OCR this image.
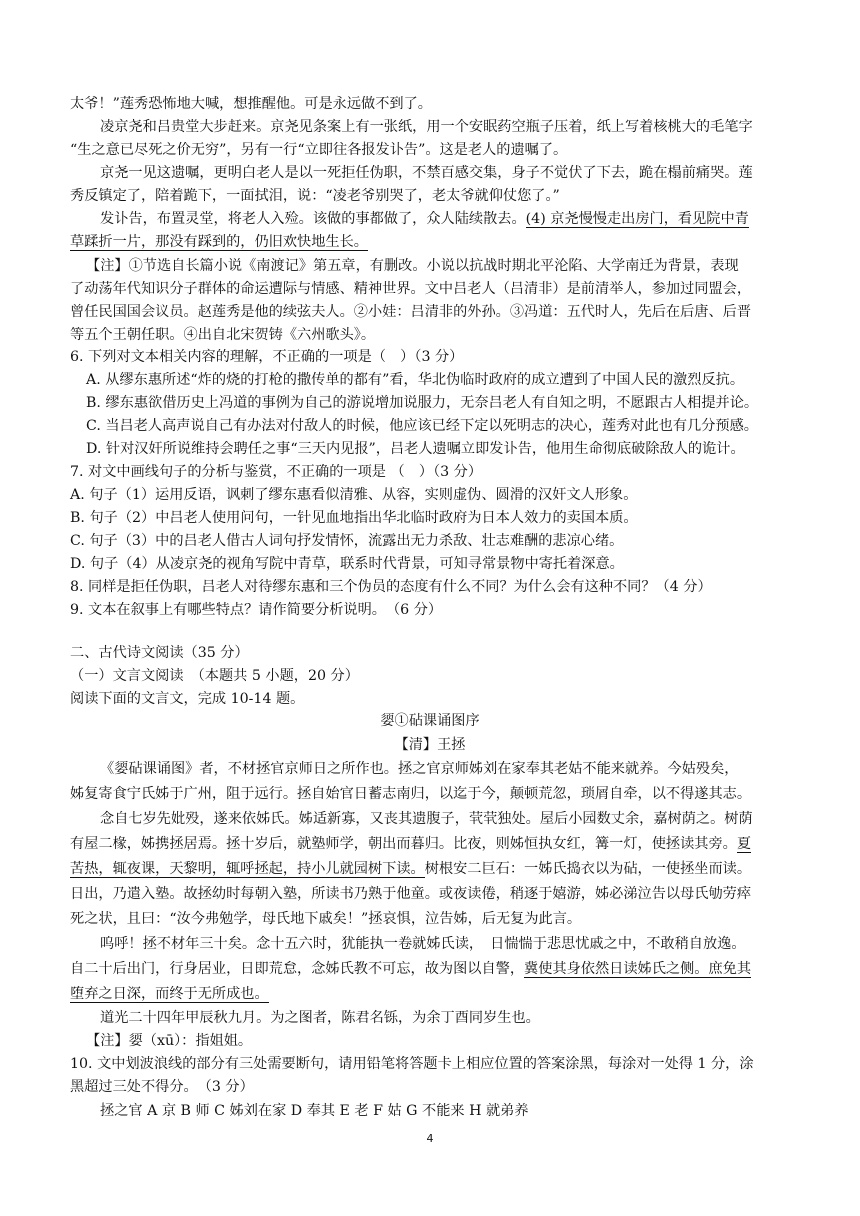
太爷！”莲秀恐怖地大喊，想推醒他。可是永远做不到了。
凌京尧和吕贵堂大步赶来。京尧见条案上有一张纸，用一个安眠药空瓶子压着，纸上写着核桃大的毛笔字
“生之意已尽死之价无穷”，另有一行“立即往各报发讣告”。这是老人的遗嘱了。
京尧一见这遗嘱，更明白老人是以一死拒任伪职，不禁百感交集，身子不觉伏了下去，跪在榻前痛哭。莲
秀反镇定了，陪着跪下，一面拭泪，说：“凌老爷别哭了，老太爷就仰仗您了。”
发讣告，布置灵堂，将老人入殓。该做的事都做了，众人陆续散去。(4) 京尧慢慢走出房门，看见院中青
草蹂折一片，那没有踩到的，仍旧欢快地生长。
【注】①节选自长篇小说《南渡记》第五章，有删改。小说以抗战时期北平沦陷、大学南迁为背景，表现
了动荡年代知识分子群体的命运遭际与情感、精神世界。文中吕老人（吕清非）是前清举人，参加过同盟会，
曾任民国国会议员。赵莲秀是他的续弦夫人。②小娃：吕清非的外孙。③冯道：五代时人，先后在后唐、后晋
等五个王朝任职。④出自北宋贺铸《六州歌头》。
6. 下列对文本相关内容的理解，不正确的一项是（　）（3 分）
A. 从缪东惠所述“炸的烧的打枪的撒传单的都有”看，华北伪临时政府的成立遭到了中国人民的激烈反抗。
B. 缪东惠欲借历史上冯道的事例为自己的游说增加说服力，无奈吕老人有自知之明，不愿跟古人相提并论。
C. 当吕老人高声说自己有办法对付敌人的时候，他应该已经下定以死明志的决心，莲秀对此也有几分预感。
D. 针对汉奸所说维持会聘任之事“三天内见报”，吕老人遗嘱立即发讣告，他用生命彻底破除敌人的诡计。
7. 对文中画线句子的分析与鉴赏，不正确的一项是 （　）（3 分）
A. 句子（1）运用反语，讽刺了缪东惠看似清雅、从容，实则虚伪、圆滑的汉奸文人形象。
B. 句子（2）中吕老人使用问句，一针见血地指出华北临时政府为日本人效力的卖国本质。
C. 句子（3）中的吕老人借古人词句抒发情怀，流露出无力杀敌、壮志难酬的悲凉心绪。
D. 句子（4）从凌京尧的视角写院中青草，联系时代背景，可知寻常景物中寄托着深意。
8. 同样是拒任伪职，吕老人对待缪东惠和三个伪员的态度有什么不同？为什么会有这种不同？（4 分）
9. 文本在叙事上有哪些特点？请作简要分析说明。　（6 分）
二、古代诗文阅读（35 分）
（一）文言文阅读　（本题共 5 小题，20 分）
阅读下面的文言文，完成 10-14 题。
媭①砧课诵图序
【清】王拯
《媭砧课诵图》者，不材拯官京师日之所作也。拯之官京师姊刘在家奉其老姑不能来就养。今姑殁矣，
姊复寄食宁氏姊于广州，阻于远行。拯自始官日蓄志南归，以迄于今，颠顿荒忽，琐屑自牵，以不得遂其志。
念自七岁先妣殁，遂来依姊氏。姊适新寡，又丧其遗腹子，茕茕独处。屋后小园数丈余，嘉树荫之。树荫
有屋二椽，姊携拯居焉。拯十岁后，就塾师学，朝出而暮归。比夜，则姊恒执女红，篝一灯，使拯读其旁。夏
苦热，辄夜课，天黎明，辄呼拯起，持小儿就园树下读。树根安二巨石：一姊氏捣衣以为砧，一使拯坐而读。
日出，乃遣入塾。故拯幼时每朝入塾，所读书乃熟于他童。或夜读倦，稍逐于嬉游，姊必涕泣告以母氏劬劳瘁
死之状，且曰：“汝今弗勉学，母氏地下戚矣！”拯哀惧，泣告姊，后无复为此言。
呜呼！拯不材年三十矣。念十五六时，犹能执一卷就姊氏读，　日惴惴于悲思忧戚之中，不敢稍自放逸。
自二十后出门，行身居业，日即荒怠，念姊氏教不可忘，故为图以自警，冀使其身依然日读姊氏之侧。庶免其
堕弃之日深，而终于无所成也。
道光二十四年甲辰秋九月。为之图者，陈君名铄，为余丁酉同岁生也。
【注】媭（xū）：指姐姐。
10. 文中划波浪线的部分有三处需要断句，请用铅笔将答题卡上相应位置的答案涂黑，每涂对一处得 1 分，涂
黑超过三处不得分。　（3 分）
拯之官 A 京 B 师 C 姊刘在家 D 奉其 E 老 F 姑 G 不能来 H 就弟养
4
